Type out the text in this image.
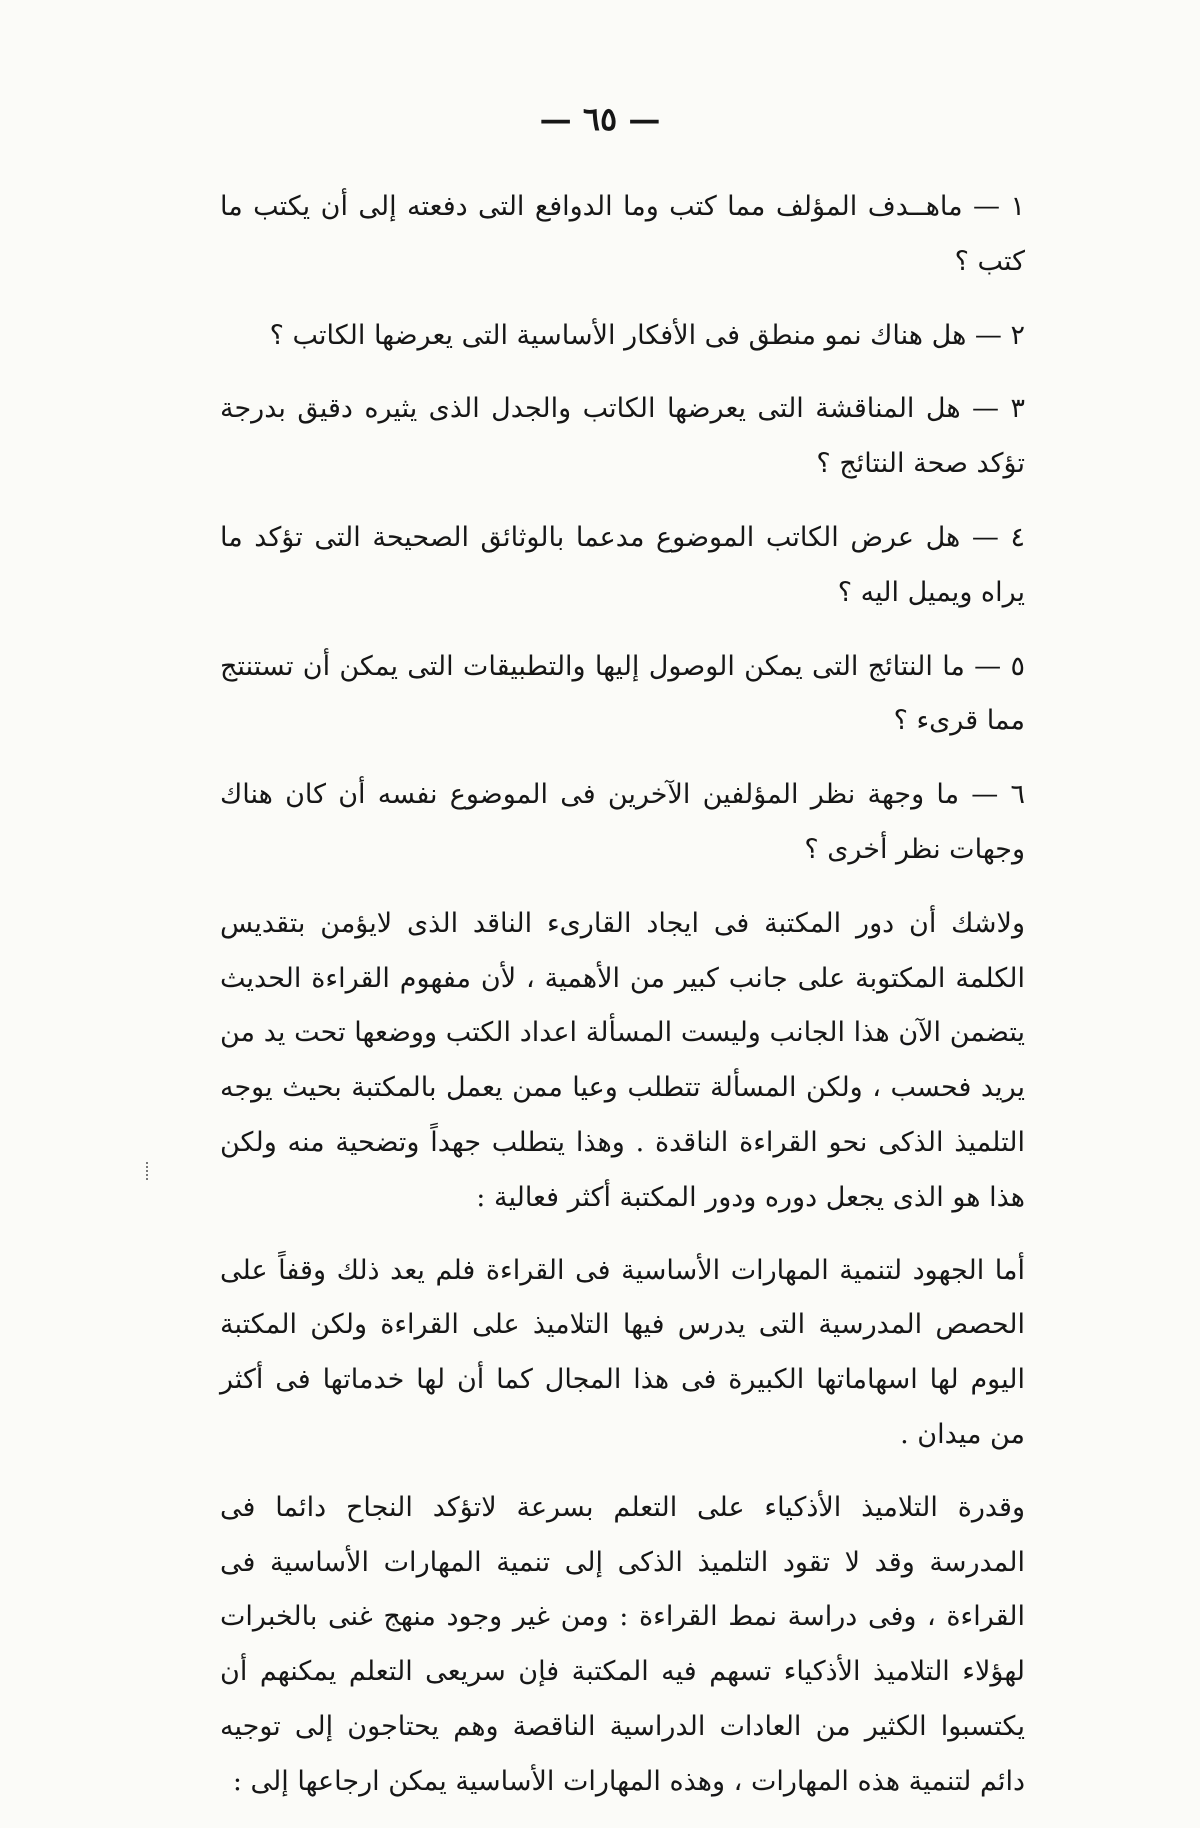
— ٦٥ —

١ — ماهــدف المؤلف مما كتب وما الدوافع التى دفعته إلى أن يكتب ما كتب ؟

٢ — هل هناك نمو منطق فى الأفكار الأساسية التى يعرضها الكاتب ؟

٣ — هل المناقشة التى يعرضها الكاتب والجدل الذى يثيره دقيق بدرجة تؤكد صحة النتائج ؟

٤ — هل عرض الكاتب الموضوع مدعما بالوثائق الصحيحة التى تؤكد ما يراه ويميل اليه ؟

٥ — ما النتائج التى يمكن الوصول إليها والتطبيقات التى يمكن أن تستنتج مما قرىء ؟

٦ — ما وجهة نظر المؤلفين الآخرين فى الموضوع نفسه أن كان هناك وجهات نظر أخرى ؟

ولاشك أن دور المكتبة فى ايجاد القارىء الناقد الذى لايؤمن بتقديس الكلمة المكتوبة على جانب كبير من الأهمية ، لأن مفهوم القراءة الحديث يتضمن الآن هذا الجانب وليست المسألة اعداد الكتب ووضعها تحت يد من يريد فحسب ، ولكن المسألة تتطلب وعيا ممن يعمل بالمكتبة بحيث يوجه التلميذ الذكى نحو القراءة الناقدة . وهذا يتطلب جهداً وتضحية منه ولكن هذا هو الذى يجعل دوره ودور المكتبة أكثر فعالية :

أما الجهود لتنمية المهارات الأساسية فى القراءة فلم يعد ذلك وقفاً على الحصص المدرسية التى يدرس فيها التلاميذ على القراءة ولكن المكتبة اليوم لها اسهاماتها الكبيرة فى هذا المجال كما أن لها خدماتها فى أكثر من ميدان .

وقدرة التلاميذ الأذكياء على التعلم بسرعة لاتؤكد النجاح دائما فى المدرسة وقد لا تقود التلميذ الذكى إلى تنمية المهارات الأساسية فى القراءة ، وفى دراسة نمط القراءة : ومن غير وجود منهج غنى بالخبرات لهؤلاء التلاميذ الأذكياء تسهم فيه المكتبة فإن سريعى التعلم يمكنهم أن يكتسبوا الكثير من العادات الدراسية الناقصة وهم يحتاجون إلى توجيه دائم لتنمية هذه المهارات ، وهذه المهارات الأساسية يمكن ارجاعها إلى :
